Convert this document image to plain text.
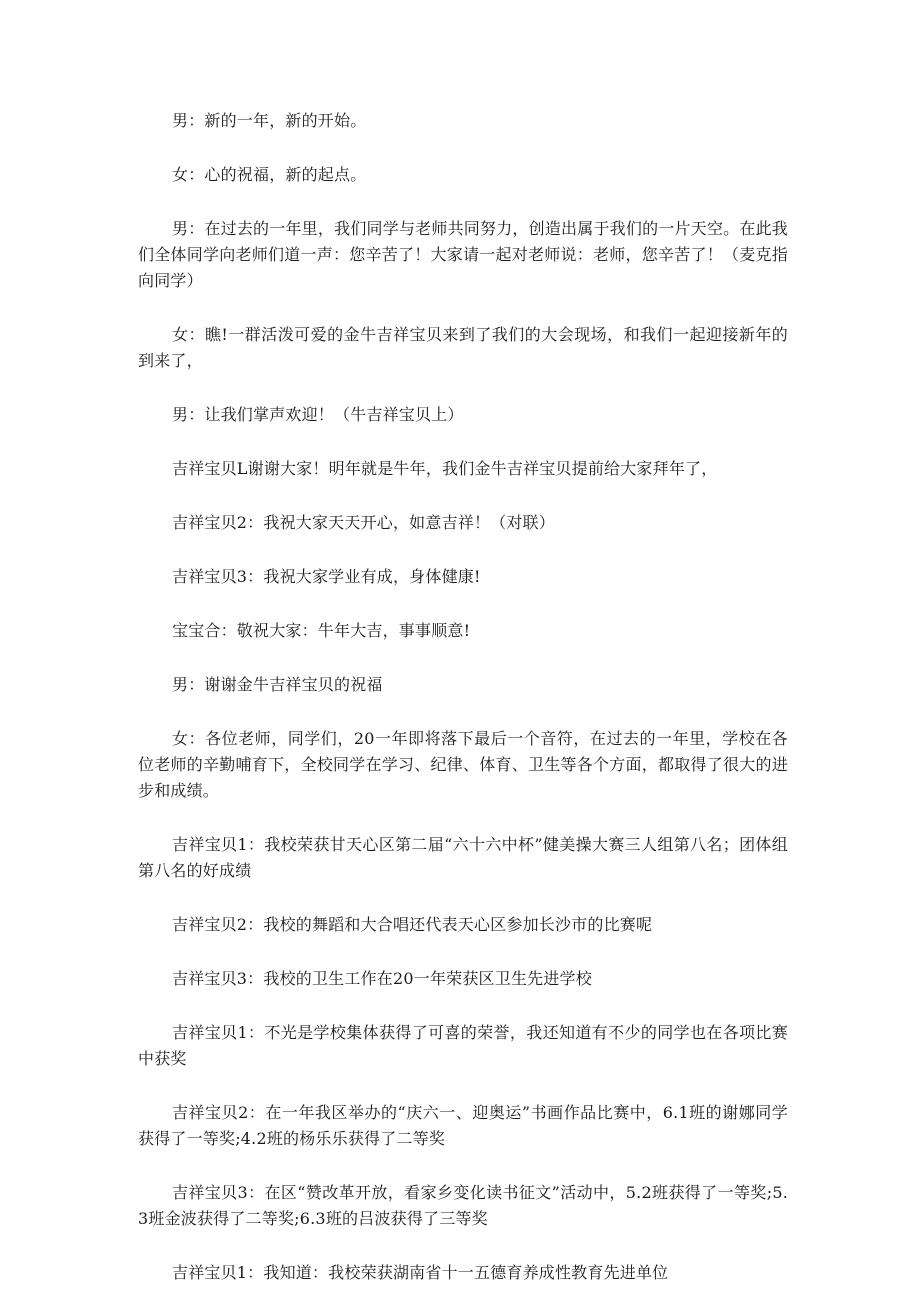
男：新的一年，新的开始。

女：心的祝福，新的起点。

男：在过去的一年里，我们同学与老师共同努力，创造出属于我们的一片天空。在此我们全体同学向老师们道一声：您辛苦了！大家请一起对老师说：老师，您辛苦了！（麦克指向同学）

女：瞧!一群活泼可爱的金牛吉祥宝贝来到了我们的大会现场，和我们一起迎接新年的到来了，

男：让我们掌声欢迎！（牛吉祥宝贝上）

吉祥宝贝L谢谢大家！明年就是牛年，我们金牛吉祥宝贝提前给大家拜年了，

吉祥宝贝2：我祝大家天天开心，如意吉祥！（对联）

吉祥宝贝3：我祝大家学业有成，身体健康!

宝宝合：敬祝大家：牛年大吉，事事顺意!

男：谢谢金牛吉祥宝贝的祝福

女：各位老师，同学们，20一年即将落下最后一个音符，在过去的一年里，学校在各位老师的辛勤哺育下，全校同学在学习、纪律、体育、卫生等各个方面，都取得了很大的进步和成绩。

吉祥宝贝1：我校荣获甘天心区第二届“六十六中杯”健美操大赛三人组第八名；团体组第八名的好成绩

吉祥宝贝2：我校的舞蹈和大合唱还代表天心区参加长沙市的比赛呢

吉祥宝贝3：我校的卫生工作在20一年荣获区卫生先进学校

吉祥宝贝1：不光是学校集体获得了可喜的荣誉，我还知道有不少的同学也在各项比赛中获奖

吉祥宝贝2：在一年我区举办的“庆六一、迎奥运”书画作品比赛中，6.1班的谢娜同学获得了一等奖;4.2班的杨乐乐获得了二等奖

吉祥宝贝3：在区“赞改革开放，看家乡变化读书征文”活动中，5.2班获得了一等奖;5.3班金波获得了二等奖;6.3班的吕波获得了三等奖

吉祥宝贝1：我知道：我校荣获湖南省十一五德育养成性教育先进单位
